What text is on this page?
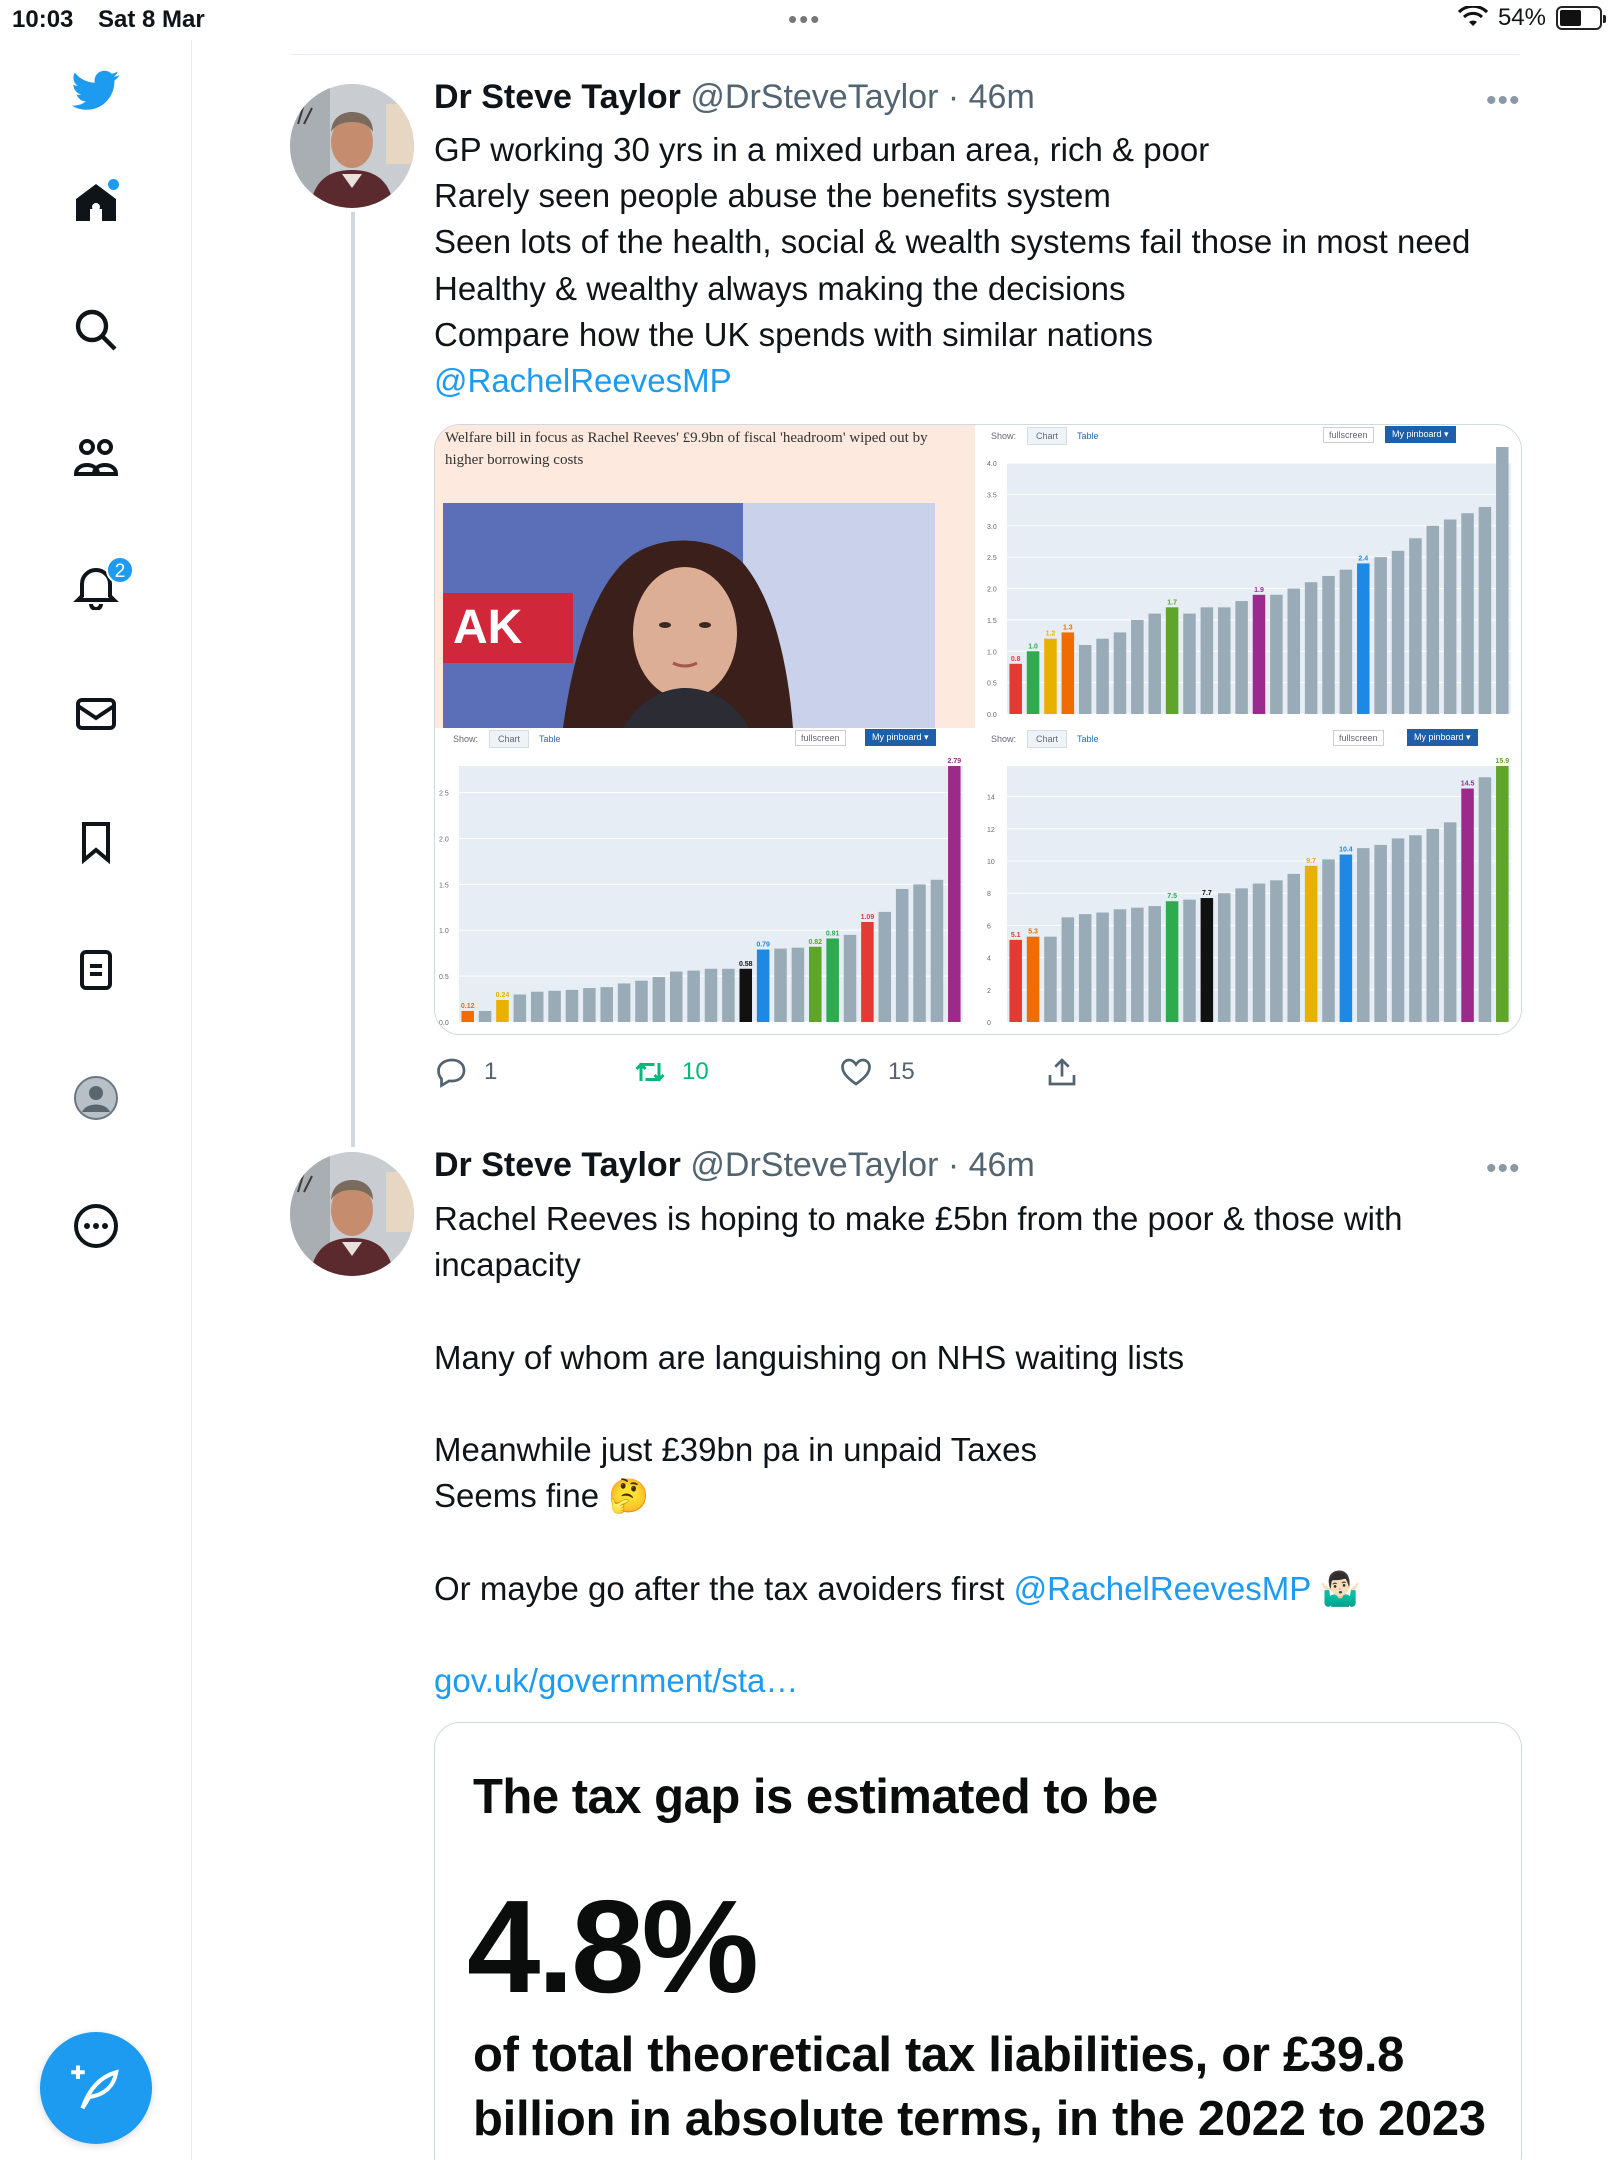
10:03 Sat 8 Mar	•••	54%
2
Dr Steve Taylor @DrSteveTaylor · 46m	•••
GP working 30 yrs in a mixed urban area, rich & poor
Rarely seen people abuse the benefits system
Seen lots of the health, social & wealth systems fail those in most need
Healthy & wealthy always making the decisions
Compare how the UK spends with similar nations
@RachelReevesMP
Welfare bill in focus as Rachel Reeves' £9.9bn of fiscal 'headroom' wiped out by higher borrowing costs
AK
Show:	Chart	Table	fullscreen	My pinboard ▾
0.0
0.5
1.0
1.5
2.0
2.5
3.0
3.5
4.0
0.8
1.0
1.2
1.3
1.7
1.9
2.4
Show:	Chart	Table	fullscreen	My pinboard ▾
0.0
0.5
1.0
1.5
2.0
2.5
0.12
0.24
0.58
0.79	0.82
0.91
1.09
2.79
Show:	Chart	Table	fullscreen	My pinboard ▾
0
2
4
6
8
10
12
14
5.1 5.3
7.5	7.7
9.7
10.4
14.5
15.9
1	10	15
Dr Steve Taylor @DrSteveTaylor · 46m	•••
Rachel Reeves is hoping to make £5bn from the poor & those with
incapacity
Many of whom are languishing on NHS waiting lists
Meanwhile just £39bn pa in unpaid Taxes
Seems fine 🤔
Or maybe go after the tax avoiders first @RachelReevesMP 🤷🏻‍♂️
gov.uk/government/sta…
The tax gap is estimated to be
4.8%
of total theoretical tax liabilities, or £39.8 billion in absolute terms, in the 2022 to 2023
